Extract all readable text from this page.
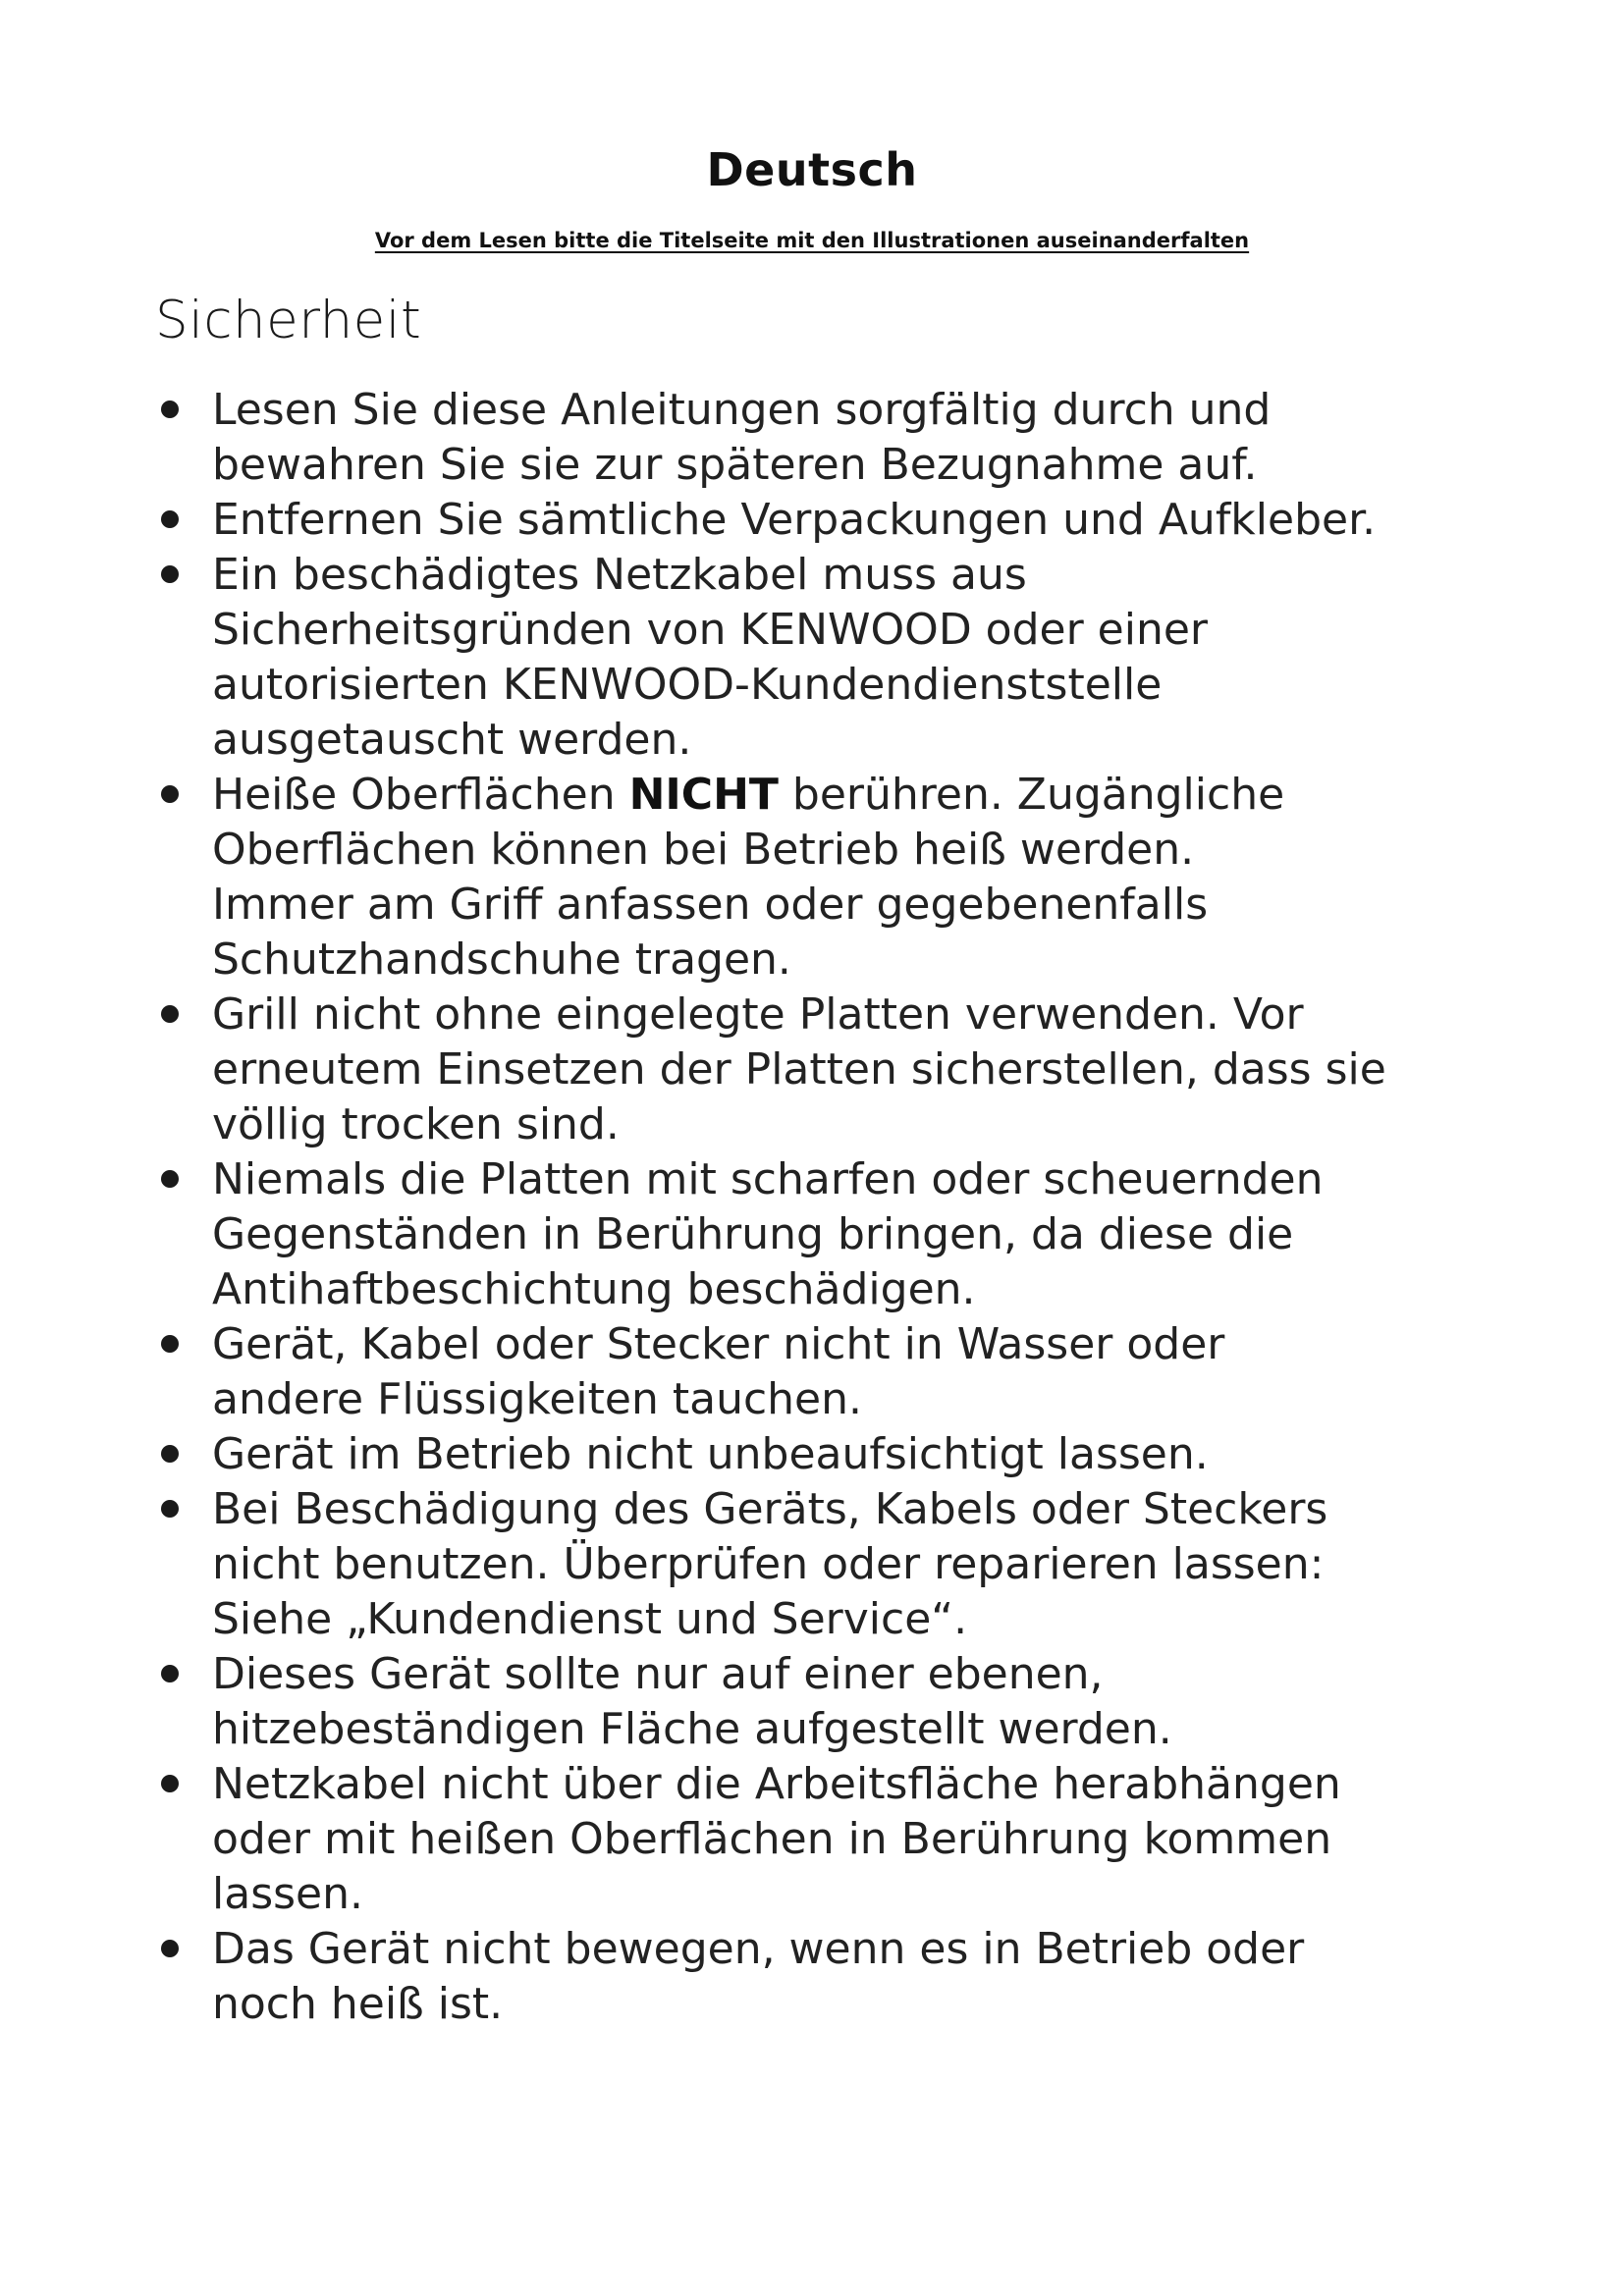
Deutsch
Vor dem Lesen bitte die Titelseite mit den Illustrationen auseinanderfalten
Sicherheit
Lesen Sie diese Anleitungen sorgfältig durch und
bewahren Sie sie zur späteren Bezugnahme auf.
Entfernen Sie sämtliche Verpackungen und Aufkleber.
Ein beschädigtes Netzkabel muss aus
Sicherheitsgründen von KENWOOD oder einer
autorisierten KENWOOD-Kundendienststelle
ausgetauscht werden.
Heiße Oberflächen NICHT berühren. Zugängliche
Oberflächen können bei Betrieb heiß werden.
Immer am Griff anfassen oder gegebenenfalls
Schutzhandschuhe tragen.
Grill nicht ohne eingelegte Platten verwenden. Vor
erneutem Einsetzen der Platten sicherstellen, dass sie
völlig trocken sind.
Niemals die Platten mit scharfen oder scheuernden
Gegenständen in Berührung bringen, da diese die
Antihaftbeschichtung beschädigen.
Gerät, Kabel oder Stecker nicht in Wasser oder
andere Flüssigkeiten tauchen.
Gerät im Betrieb nicht unbeaufsichtigt lassen.
Bei Beschädigung des Geräts, Kabels oder Steckers
nicht benutzen. Überprüfen oder reparieren lassen:
Siehe „Kundendienst und Service“.
Dieses Gerät sollte nur auf einer ebenen,
hitzebeständigen Fläche aufgestellt werden.
Netzkabel nicht über die Arbeitsfläche herabhängen
oder mit heißen Oberflächen in Berührung kommen
lassen.
Das Gerät nicht bewegen, wenn es in Betrieb oder
noch heiß ist.
